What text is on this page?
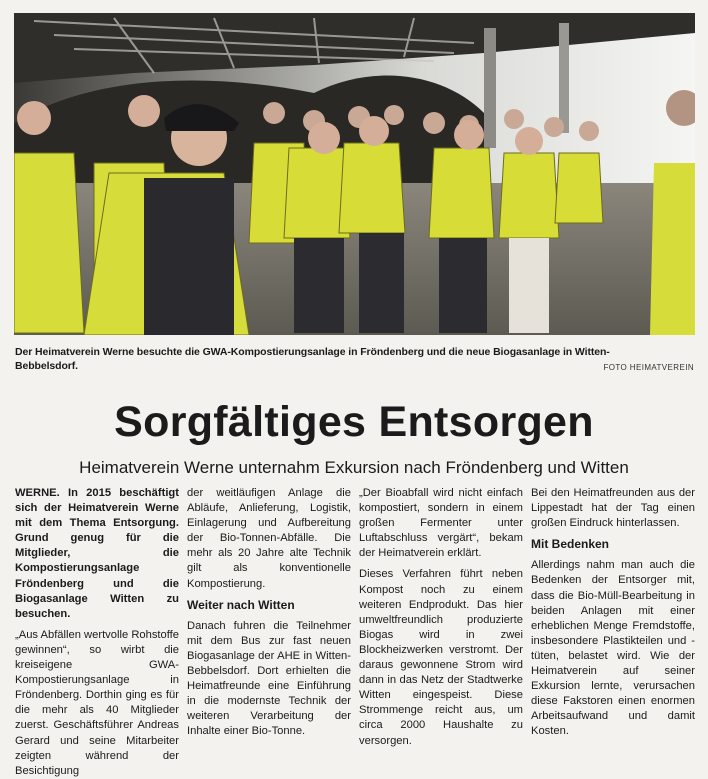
Der Heimatverein Werne besuchte die GWA-Kompostierungsanlage in Fröndenberg und die neue Biogasanlage in Witten-Bebbelsdorf.	FOTO HEIMATVEREIN
Sorgfältiges Entsorgen
Heimatverein Werne unternahm Exkursion nach Fröndenberg und Witten

WERNE. In 2015 beschäftigt sich der Heimatverein Werne mit dem Thema Entsorgung. Grund genug für die Mitglieder, die Kompostierungsanlage Fröndenberg und die Biogasanlage Witten zu besuchen.

„Aus Abfällen wertvolle Rohstoffe gewinnen“, so wirbt die kreiseigene GWA-Kompostierungsanlage in Fröndenberg. Dorthin ging es für die mehr als 40 Mitglieder zuerst. Geschäftsführer Andreas Gerard und seine Mitarbeiter zeigten während der Besichtigung

der weitläufigen Anlage die Abläufe, Anlieferung, Logistik, Einlagerung und Aufbereitung der Bio-Tonnen-Abfälle. Die mehr als 20 Jahre alte Technik gilt als konventionelle Kompostierung.

Weiter nach Witten

Danach fuhren die Teilnehmer mit dem Bus zur fast neuen Biogasanlage der AHE in Witten-Bebbelsdorf. Dort erhielten die Heimatfreunde eine Einführung in die modernste Technik der weiteren Verarbeitung der Inhalte einer Bio-Tonne.

„Der Bioabfall wird nicht einfach kompostiert, sondern in einem großen Fermenter unter Luftabschluss vergärt“, bekam der Heimatverein erklärt.

Dieses Verfahren führt neben Kompost noch zu einem weiteren Endprodukt. Das hier umweltfreundlich produzierte Biogas wird in zwei Blockheizwerken verstromt. Der daraus gewonnene Strom wird dann in das Netz der Stadtwerke Witten eingespeist. Diese Strommenge reicht aus, um circa 2000 Haushalte zu versorgen.

Bei den Heimatfreunden aus der Lippestadt hat der Tag einen großen Eindruck hinterlassen.

Mit Bedenken

Allerdings nahm man auch die Bedenken der Entsorger mit, dass die Bio-Müll-Bearbeitung in beiden Anlagen mit einer erheblichen Menge Fremdstoffe, insbesondere Plastikteilen und -tüten, belastet wird. Wie der Heimatverein auf seiner Exkursion lernte, verursachen diese Fakstoren einen enormen Arbeitsaufwand und damit Kosten.
